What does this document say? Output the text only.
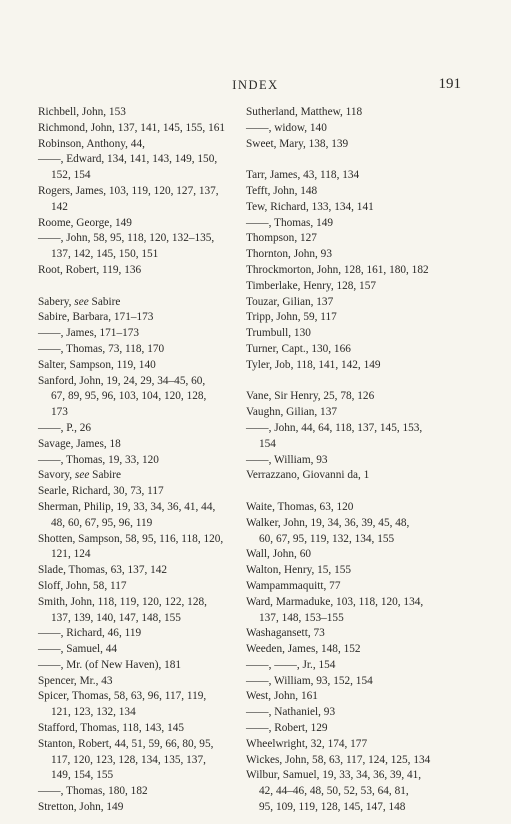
INDEX	191
Richbell, John, 153
Richmond, John, 137, 141, 145, 155, 161
Robinson, Anthony, 44,
——, Edward, 134, 141, 143, 149, 150,
152, 154
Rogers, James, 103, 119, 120, 127, 137,
142
Roome, George, 149
——, John, 58, 95, 118, 120, 132–135,
137, 142, 145, 150, 151
Root, Robert, 119, 136
Sabery, see Sabire
Sabire, Barbara, 171–173
——, James, 171–173
——, Thomas, 73, 118, 170
Salter, Sampson, 119, 140
Sanford, John, 19, 24, 29, 34–45, 60,
67, 89, 95, 96, 103, 104, 120, 128,
173
——, P., 26
Savage, James, 18
——, Thomas, 19, 33, 120
Savory, see Sabire
Searle, Richard, 30, 73, 117
Sherman, Philip, 19, 33, 34, 36, 41, 44,
48, 60, 67, 95, 96, 119
Shotten, Sampson, 58, 95, 116, 118, 120,
121, 124
Slade, Thomas, 63, 137, 142
Sloff, John, 58, 117
Smith, John, 118, 119, 120, 122, 128,
137, 139, 140, 147, 148, 155
——, Richard, 46, 119
——, Samuel, 44
——, Mr. (of New Haven), 181
Spencer, Mr., 43
Spicer, Thomas, 58, 63, 96, 117, 119,
121, 123, 132, 134
Stafford, Thomas, 118, 143, 145
Stanton, Robert, 44, 51, 59, 66, 80, 95,
117, 120, 123, 128, 134, 135, 137,
149, 154, 155
——, Thomas, 180, 182
Stretton, John, 149
Sutherland, Matthew, 118
——, widow, 140
Sweet, Mary, 138, 139
Tarr, James, 43, 118, 134
Tefft, John, 148
Tew, Richard, 133, 134, 141
——, Thomas, 149
Thompson, 127
Thornton, John, 93
Throckmorton, John, 128, 161, 180, 182
Timberlake, Henry, 128, 157
Touzar, Gilian, 137
Tripp, John, 59, 117
Trumbull, 130
Turner, Capt., 130, 166
Tyler, Job, 118, 141, 142, 149
Vane, Sir Henry, 25, 78, 126
Vaughn, Gilian, 137
——, John, 44, 64, 118, 137, 145, 153,
154
——, William, 93
Verrazzano, Giovanni da, 1
Waite, Thomas, 63, 120
Walker, John, 19, 34, 36, 39, 45, 48,
60, 67, 95, 119, 132, 134, 155
Wall, John, 60
Walton, Henry, 15, 155
Wampammaquitt, 77
Ward, Marmaduke, 103, 118, 120, 134,
137, 148, 153–155
Washagansett, 73
Weeden, James, 148, 152
——, ——, Jr., 154
——, William, 93, 152, 154
West, John, 161
——, Nathaniel, 93
——, Robert, 129
Wheelwright, 32, 174, 177
Wickes, John, 58, 63, 117, 124, 125, 134
Wilbur, Samuel, 19, 33, 34, 36, 39, 41,
42, 44–46, 48, 50, 52, 53, 64, 81,
95, 109, 119, 128, 145, 147, 148
